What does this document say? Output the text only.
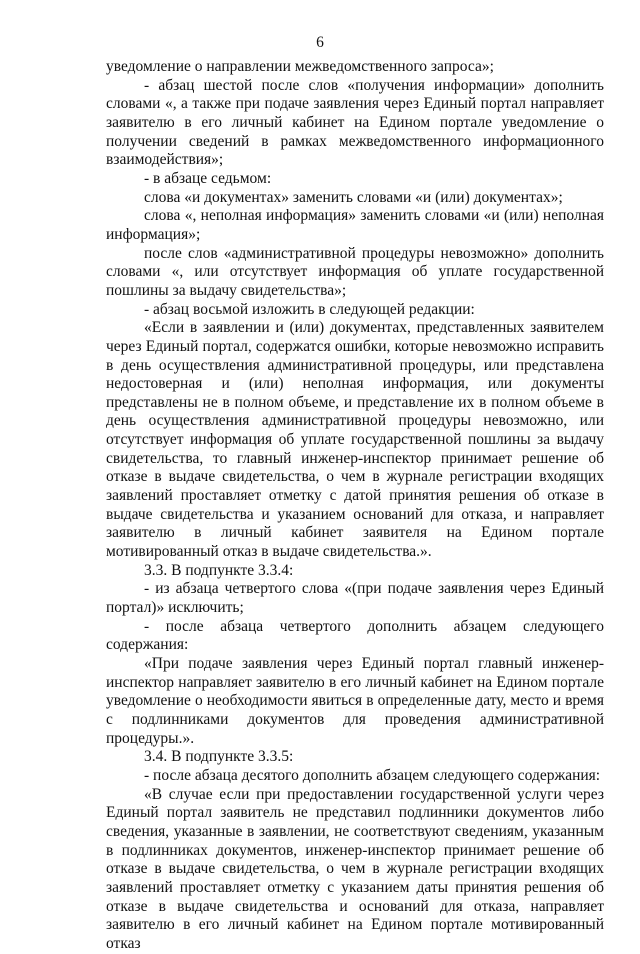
6

уведомление о направлении межведомственного запроса»;

- абзац шестой после слов «получения информации» дополнить словами «, а также при подаче заявления через Единый портал направляет заявителю в его личный кабинет на Едином портале уведомление о получении сведений в рамках межведомственного информационного взаимодействия»;

- в абзаце седьмом:

слова «и документах» заменить словами «и (или) документах»;

слова «, неполная информация» заменить словами «и (или) неполная информация»;

после слов «административной процедуры невозможно» дополнить словами «, или отсутствует информация об уплате государственной пошлины за выдачу свидетельства»;

- абзац восьмой изложить в следующей редакции:

«Если в заявлении и (или) документах, представленных заявителем через Единый портал, содержатся ошибки, которые невозможно исправить в день осуществления административной процедуры, или представлена недостоверная и (или) неполная информация, или документы представлены не в полном объеме, и представление их в полном объеме в день осуществления административной процедуры невозможно, или отсутствует информация об уплате государственной пошлины за выдачу свидетельства, то главный инженер-инспектор принимает решение об отказе в выдаче свидетельства, о чем в журнале регистрации входящих заявлений проставляет отметку с датой принятия решения об отказе в выдаче свидетельства и указанием оснований для отказа, и направляет заявителю в личный кабинет заявителя на Едином портале мотивированный отказ в выдаче свидетельства.».

3.3. В подпункте 3.3.4:

- из абзаца четвертого слова «(при подаче заявления через Единый портал)» исключить;

- после абзаца четвертого дополнить абзацем следующего содержания:

«При подаче заявления через Единый портал главный инженер-инспектор направляет заявителю в его личный кабинет на Едином портале уведомление о необходимости явиться в определенные дату, место и время с подлинниками документов для проведения административной процедуры.».

3.4. В подпункте 3.3.5:

- после абзаца десятого дополнить абзацем следующего содержания:

«В случае если при предоставлении государственной услуги через Единый портал заявитель не представил подлинники документов либо сведения, указанные в заявлении, не соответствуют сведениям, указанным в подлинниках документов, инженер-инспектор принимает решение об отказе в выдаче свидетельства, о чем в журнале регистрации входящих заявлений проставляет отметку с указанием даты принятия решения об отказе в выдаче свидетельства и оснований для отказа, направляет заявителю в его личный кабинет на Едином портале мотивированный отказ
